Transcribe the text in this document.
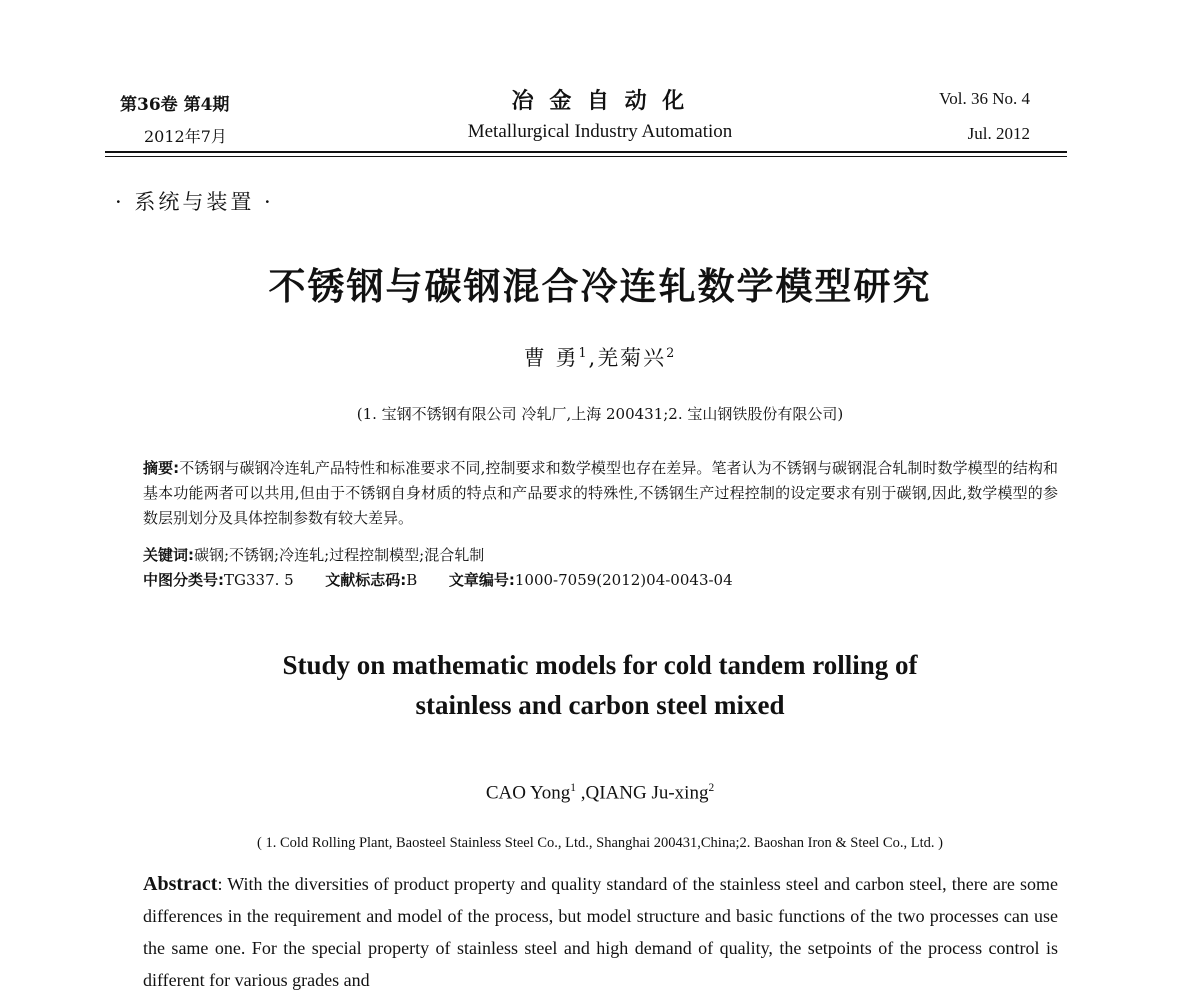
第36卷 第4期
2012年7月
冶 金 自 动 化
Metallurgical Industry Automation
Vol. 36 No. 4
Jul. 2012
· 系统与装置 ·
不锈钢与碳钢混合冷连轧数学模型研究
曹 勇$^1$,羌菊兴$^2$
(1. 宝钢不锈钢有限公司 冷轧厂,上海 200431;2. 宝山钢铁股份有限公司)
摘要:不锈钢与碳钢冷连轧产品特性和标准要求不同,控制要求和数学模型也存在差异。笔者认为不锈钢与碳钢混合轧制时数学模型的结构和基本功能两者可以共用,但由于不锈钢自身材质的特点和产品要求的特殊性,不锈钢生产过程控制的设定要求有别于碳钢,因此,数学模型的参数层别划分及具体控制参数有较大差异。
关键词:碳钢;不锈钢;冷连轧;过程控制模型;混合轧制
中图分类号:TG337. 5 文献标志码:B 文章编号:1000-7059(2012)04-0043-04
Study on mathematic models for cold tandem rolling of
stainless and carbon steel mixed
CAO Yong$^1$ ,QIANG Ju-xing$^2$
( 1. Cold Rolling Plant, Baosteel Stainless Steel Co., Ltd., Shanghai 200431,China;2. Baoshan Iron & Steel Co., Ltd. )
Abstract: With the diversities of product property and quality standard of the stainless steel and carbon steel, there are some differences in the requirement and model of the process, but model structure and basic functions of the two processes can use the same one. For the special property of stainless steel and high demand of quality, the setpoints of the process control is different for various grades and
